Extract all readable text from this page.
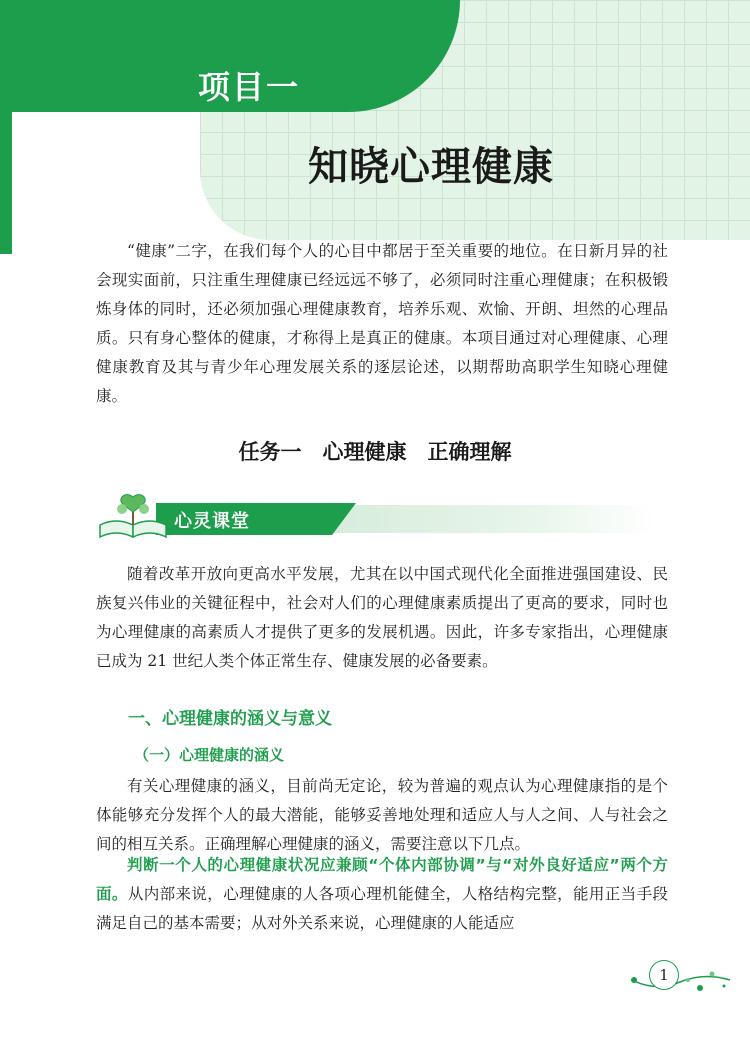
项目一
知晓心理健康

“健康”二字，在我们每个人的心目中都居于至关重要的地位。在日新月异的社会现实面前，只注重生理健康已经远远不够了，必须同时注重心理健康；在积极锻炼身体的同时，还必须加强心理健康教育，培养乐观、欢愉、开朗、坦然的心理品质。只有身心整体的健康，才称得上是真正的健康。本项目通过对心理健康、心理健康教育及其与青少年心理发展关系的逐层论述，以期帮助高职学生知晓心理健康。

任务一　心理健康　正确理解
心灵课堂

随着改革开放向更高水平发展，尤其在以中国式现代化全面推进强国建设、民族复兴伟业的关键征程中，社会对人们的心理健康素质提出了更高的要求，同时也为心理健康的高素质人才提供了更多的发展机遇。因此，许多专家指出，心理健康已成为 21 世纪人类个体正常生存、健康发展的必备要素。

一、心理健康的涵义与意义
（一）心理健康的涵义

有关心理健康的涵义，目前尚无定论，较为普遍的观点认为心理健康指的是个体能够充分发挥个人的最大潜能，能够妥善地处理和适应人与人之间、人与社会之间的相互关系。正确理解心理健康的涵义，需要注意以下几点。

判断一个人的心理健康状况应兼顾“个体内部协调”与“对外良好适应”两个方面。从内部来说，心理健康的人各项心理机能健全，人格结构完整，能用正当手段满足自己的基本需要；从对外关系来说，心理健康的人能适应

1
